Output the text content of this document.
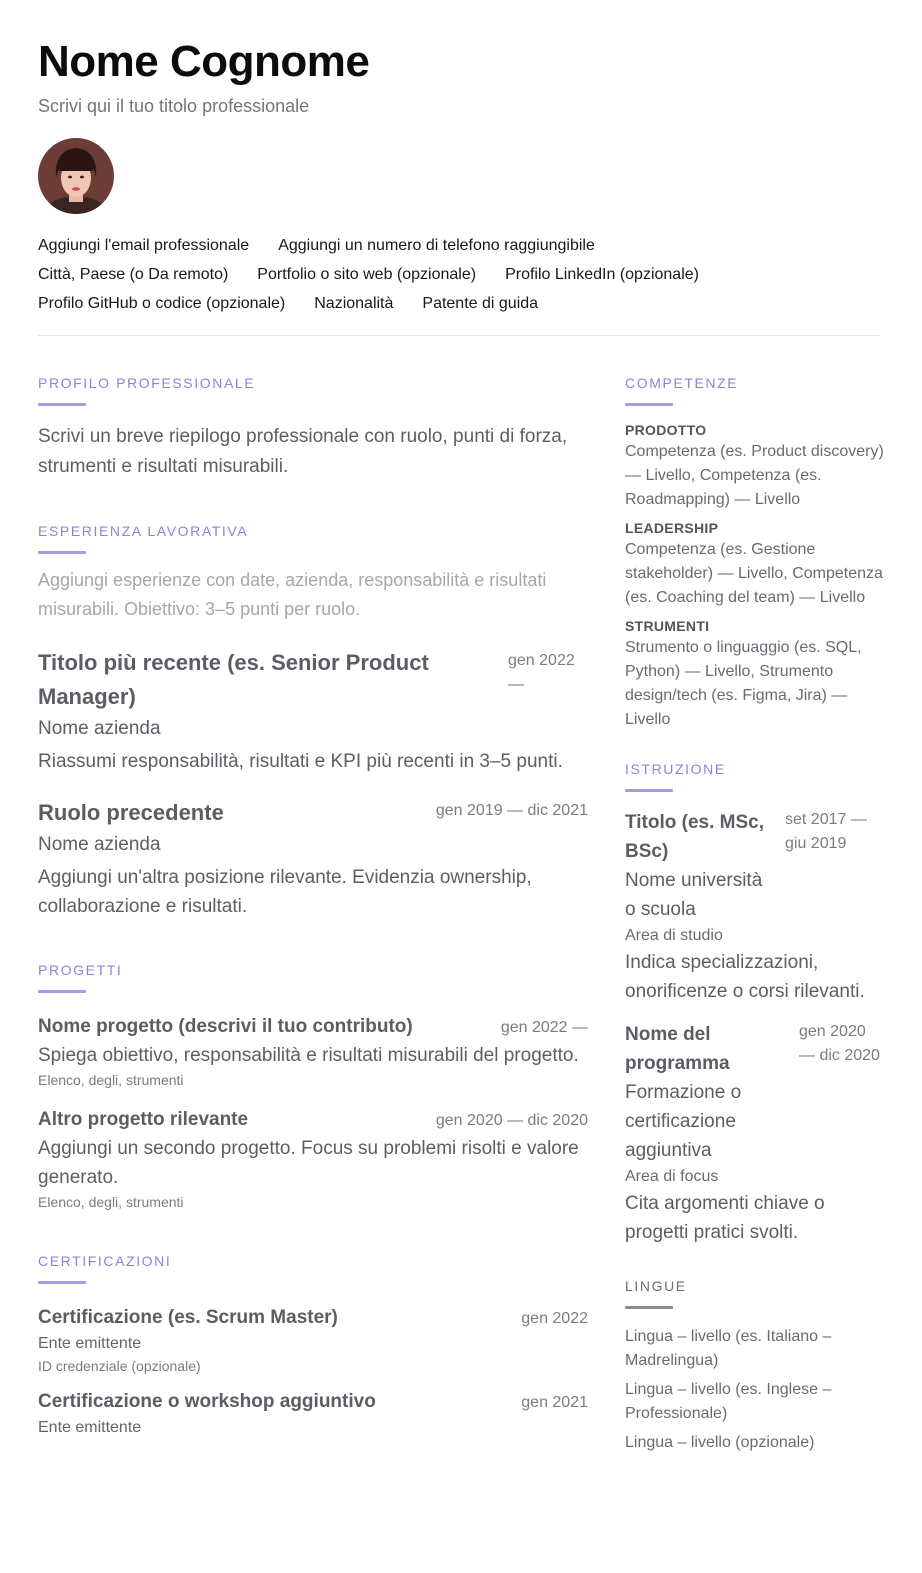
Nome Cognome
Scrivi qui il tuo titolo professionale
Aggiungi l'email professionale Aggiungi un numero di telefono raggiungibile
Città, Paese (o Da remoto) Portfolio o sito web (opzionale) Profilo LinkedIn (opzionale)
Profilo GitHub o codice (opzionale) Nazionalità Patente di guida
PROFILO PROFESSIONALE
Scrivi un breve riepilogo professionale con ruolo, punti di forza, strumenti e risultati misurabili.
ESPERIENZA LAVORATIVA
Aggiungi esperienze con date, azienda, responsabilità e risultati misurabili. Obiettivo: 3–5 punti per ruolo.
Titolo più recente (es. Senior Product Manager)
gen 2022 —
Nome azienda
Riassumi responsabilità, risultati e KPI più recenti in 3–5 punti.
Ruolo precedente	gen 2019 — dic 2021
Nome azienda
Aggiungi un'altra posizione rilevante. Evidenzia ownership, collaborazione e risultati.
PROGETTI
Nome progetto (descrivi il tuo contributo)	gen 2022 —
Spiega obiettivo, responsabilità e risultati misurabili del progetto.
Elenco, degli, strumenti
Altro progetto rilevante	gen 2020 — dic 2020
Aggiungi un secondo progetto. Focus su problemi risolti e valore generato.
Elenco, degli, strumenti
CERTIFICAZIONI
Certificazione (es. Scrum Master)	gen 2022
Ente emittente
ID credenziale (opzionale)
Certificazione o workshop aggiuntivo	gen 2021
Ente emittente
COMPETENZE
PRODOTTO
Competenza (es. Product discovery) — Livello, Competenza (es. Roadmapping) — Livello
LEADERSHIP
Competenza (es. Gestione stakeholder) — Livello, Competenza (es. Coaching del team) — Livello
STRUMENTI
Strumento o linguaggio (es. SQL, Python) — Livello, Strumento design/tech (es. Figma, Jira) — Livello
ISTRUZIONE
Titolo (es. MSc, BSc)
Nome università o scuola
set 2017 — giu 2019
Area di studio
Indica specializzazioni, onorificenze o corsi rilevanti.
Nome del programma
Formazione o certificazione aggiuntiva
gen 2020 — dic 2020
Area di focus
Cita argomenti chiave o progetti pratici svolti.
LINGUE
Lingua – livello (es. Italiano – Madrelingua)
Lingua – livello (es. Inglese – Professionale)
Lingua – livello (opzionale)
